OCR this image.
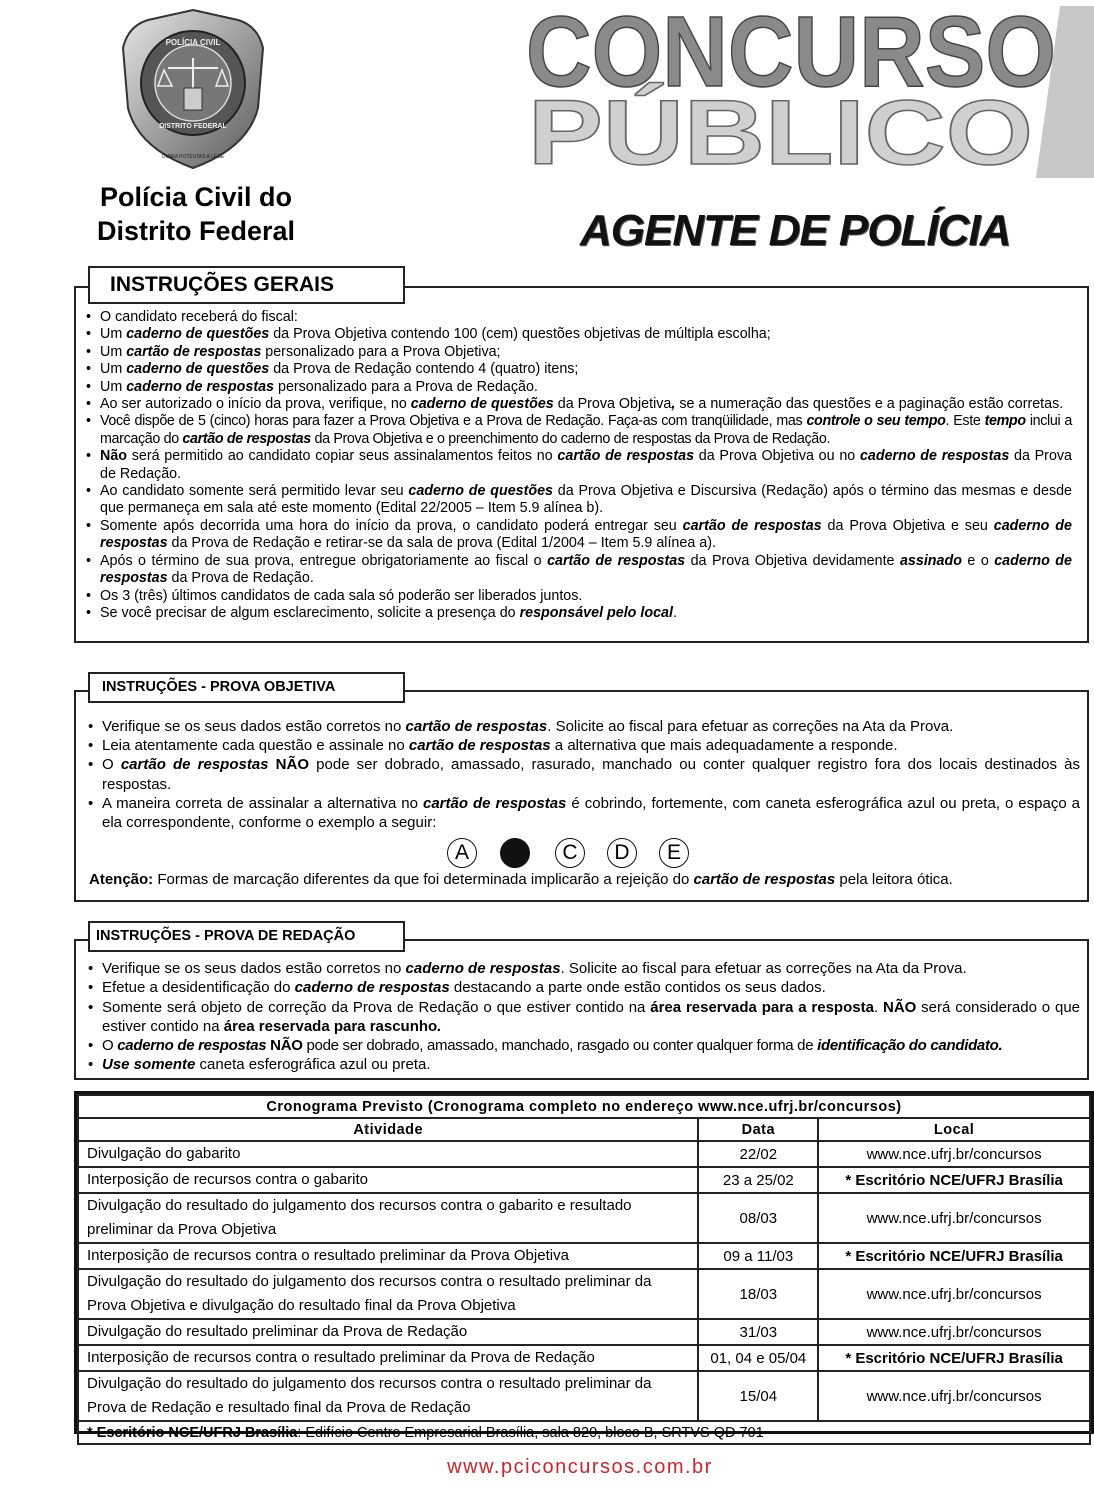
POLÍCIA CIVIL
DISTRITO FEDERAL
OMNIA POTESTAS A LEGE
Polícia Civil do
Distrito Federal
CONCURSO
PÚBLICO
AGENTE DE POLÍCIA
INSTRUÇÕES GERAIS
• O candidato receberá do fiscal:
• Um caderno de questões da Prova Objetiva contendo 100 (cem) questões objetivas de múltipla escolha;
• Um cartão de respostas personalizado para a Prova Objetiva;
• Um caderno de questões da Prova de Redação contendo 4 (quatro) itens;
• Um caderno de respostas personalizado para a Prova de Redação.
• Ao ser autorizado o início da prova, verifique, no caderno de questões da Prova Objetiva, se a numeração das questões e a paginação estão corretas.
• Você dispõe de 5 (cinco) horas para fazer a Prova Objetiva e a Prova de Redação. Faça-as com tranqüilidade, mas controle o seu tempo. Este tempo inclui a marcação do cartão de respostas da Prova Objetiva e o preenchimento do caderno de respostas da Prova de Redação.
• Não será permitido ao candidato copiar seus assinalamentos feitos no cartão de respostas da Prova Objetiva ou no caderno de respostas da Prova de Redação.
• Ao candidato somente será permitido levar seu caderno de questões da Prova Objetiva e Discursiva (Redação) após o término das mesmas e desde que permaneça em sala até este momento (Edital 22/2005 – Item 5.9 alínea b).
• Somente após decorrida uma hora do início da prova, o candidato poderá entregar seu cartão de respostas da Prova Objetiva e seu caderno de respostas da Prova de Redação e retirar-se da sala de prova (Edital 1/2004 – Item 5.9 alínea a).
• Após o término de sua prova, entregue obrigatoriamente ao fiscal o cartão de respostas da Prova Objetiva devidamente assinado e o caderno de respostas da Prova de Redação.
• Os 3 (três) últimos candidatos de cada sala só poderão ser liberados juntos.
• Se você precisar de algum esclarecimento, solicite a presença do responsável pelo local.
INSTRUÇÕES - PROVA OBJETIVA
• Verifique se os seus dados estão corretos no cartão de respostas. Solicite ao fiscal para efetuar as correções na Ata da Prova.
• Leia atentamente cada questão e assinale no cartão de respostas a alternativa que mais adequadamente a responde.
• O cartão de respostas NÃO pode ser dobrado, amassado, rasurado, manchado ou conter qualquer registro fora dos locais destinados às respostas.
• A maneira correta de assinalar a alternativa no cartão de respostas é cobrindo, fortemente, com caneta esferográfica azul ou preta, o espaço a ela correspondente, conforme o exemplo a seguir:
A	C	D	E
Atenção: Formas de marcação diferentes da que foi determinada implicarão a rejeição do cartão de respostas pela leitora ótica.
INSTRUÇÕES - PROVA DE REDAÇÃO
• Verifique se os seus dados estão corretos no caderno de respostas. Solicite ao fiscal para efetuar as correções na Ata da Prova.
• Efetue a desidentificação do caderno de respostas destacando a parte onde estão contidos os seus dados.
• Somente será objeto de correção da Prova de Redação o que estiver contido na área reservada para a resposta. NÃO será considerado o que estiver contido na área reservada para rascunho.
• O caderno de respostas NÃO pode ser dobrado, amassado, manchado, rasgado ou conter qualquer forma de identificação do candidato.
• Use somente caneta esferográfica azul ou preta.
Cronograma Previsto (Cronograma completo no endereço www.nce.ufrj.br/concursos)		
Atividade	Data	Local
Divulgação do gabarito	22/02	www.nce.ufrj.br/concursos
Interposição de recursos contra o gabarito	23 a 25/02	* Escritório NCE/UFRJ Brasília
Divulgação do resultado do julgamento dos recursos contra o gabarito e resultado preliminar da Prova Objetiva	08/03	www.nce.ufrj.br/concursos
Interposição de recursos contra o resultado preliminar da Prova Objetiva	09 a 11/03	* Escritório NCE/UFRJ Brasília
Divulgação do resultado do julgamento dos recursos contra o resultado preliminar da Prova Objetiva e divulgação do resultado final da Prova Objetiva	18/03	www.nce.ufrj.br/concursos
Divulgação do resultado preliminar da Prova de Redação	31/03	www.nce.ufrj.br/concursos
Interposição de recursos contra o resultado preliminar da Prova de Redação	01, 04 e 05/04	* Escritório NCE/UFRJ Brasília
Divulgação do resultado do julgamento dos recursos contra o resultado preliminar da Prova de Redação e resultado final da Prova de Redação	15/04	www.nce.ufrj.br/concursos
* Escritório NCE/UFRJ Brasília: Edifício Centro Empresarial Brasília, sala 820, bloco B, SRTVS QD 701		
www.pciconcursos.com.br
